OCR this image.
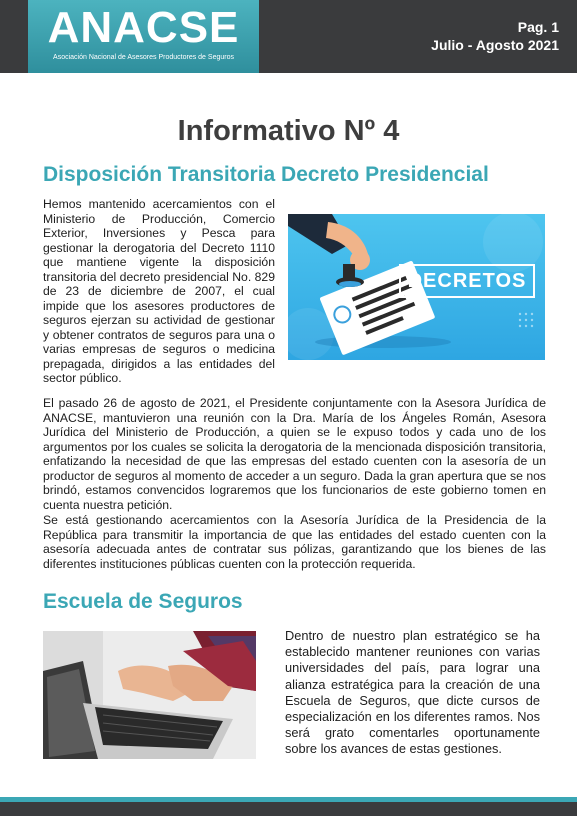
ANACSE
Asociación Nacional de Asesores Productores de Seguros
Pag. 1
Julio - Agosto 2021
Informativo Nº 4
Disposición Transitoria Decreto Presidencial
Hemos mantenido acercamientos con el Ministerio de Producción, Comercio Exterior, Inversiones y Pesca para gestionar la derogatoria del Decreto 1110 que mantiene vigente la disposición transitoria del decreto presidencial No. 829 de 23 de diciembre de 2007, el cual impide que los asesores productores de seguros ejerzan su actividad de gestionar y obtener contratos de seguros para una o varias empresas de seguros o medicina prepagada, dirigidos a las entidades del sector público.
DECRETOS
El pasado 26 de agosto de 2021, el Presidente conjuntamente con la Asesora Jurídica de ANACSE, mantuvieron una reunión con la Dra. María de los Ángeles Román, Asesora Jurídica del Ministerio de Producción, a quien se le expuso todos y cada uno de los argumentos por los cuales se solicita la derogatoria de la mencionada disposición transitoria, enfatizando la necesidad de que las empresas del estado cuenten con la asesoría de un productor de seguros al momento de acceder a un seguro. Dada la gran apertura que se nos brindó, estamos convencidos lograremos que los funcionarios de este gobierno tomen en cuenta nuestra petición.
Se está gestionando acercamientos con la Asesoría Jurídica de la Presidencia de la República para transmitir la importancia de que las entidades del estado cuenten con la asesoría adecuada antes de contratar sus pólizas, garantizando que los bienes de las diferentes instituciones públicas cuenten con la protección requerida.
Escuela de Seguros
Dentro de nuestro plan estratégico se ha establecido mantener reuniones con varias universidades del país, para lograr una alianza estratégica para la creación de una Escuela de Seguros, que dicte cursos de especialización en los diferentes ramos. Nos será grato comentarles oportunamente sobre los avances de estas gestiones.
